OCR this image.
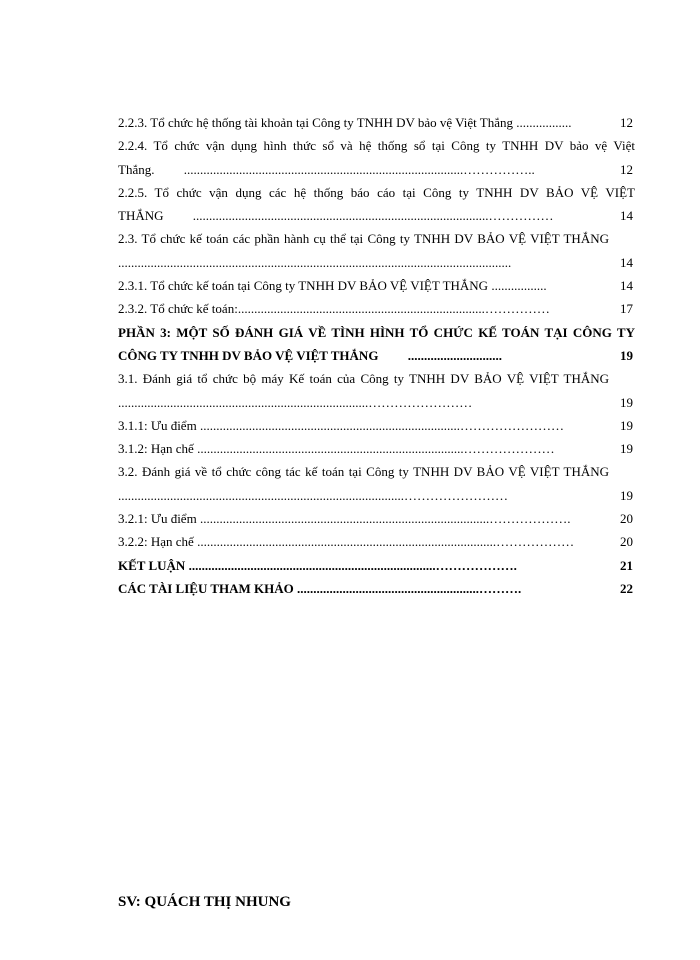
2.2.3. Tổ chức hệ thống tài khoản tại Công ty TNHH DV bảo vệ Việt Thắng .................	12
2.2.4. Tổ chức vận dụng hình thức sổ và hệ thống sổ tại Công ty TNHH DV bảo vệ Việt Thắng. ......................................................................................……………..	12
2.2.5. Tổ chức vận dụng các hệ thống báo cáo tại Công ty TNHH DV BẢO VỆ VIỆT THẮNG ...........................................................................................……………	14
2.3. Tổ chức kế toán các phần hành cụ thể tại Công ty TNHH DV BẢO VỆ VIỆT THẮNG .........................................................................................................................	14
2.3.1. Tổ chức kế toán tại Công ty TNHH DV BẢO VỆ VIỆT THẮNG .................	14
2.3.2. Tổ chức kế toán:............................................................................……………	17
PHẦN 3: MỘT SỐ ĐÁNH GIÁ VỀ TÌNH HÌNH TỔ CHỨC KẾ TOÁN TẠI CÔNG TY CÔNG TY TNHH DV BẢO VỆ VIỆT THẮNG .............................	19
3.1. Đánh giá tổ chức bộ máy Kế toán của Công ty TNHH DV BẢO VỆ VIỆT THẮNG .............................................................................……………………	19
3.1.1: Ưu điểm ................................................................................……………………	19
3.1.2: Hạn chế ..................................................................................…………………	19
3.2. Đánh giá về tổ chức công tác kế toán tại Công ty TNHH DV BẢO VỆ VIỆT THẮNG ........................................................................................……………………	19
3.2.1: Ưu điểm .........................................................................................……………….	20
3.2.2: Hạn chế ............................................................................................………………	20
KẾT LUẬN ............................................................................……………….	21
CÁC TÀI LIỆU THAM KHẢO ........................................................……….	22
SV: QUÁCH THỊ NHUNG
